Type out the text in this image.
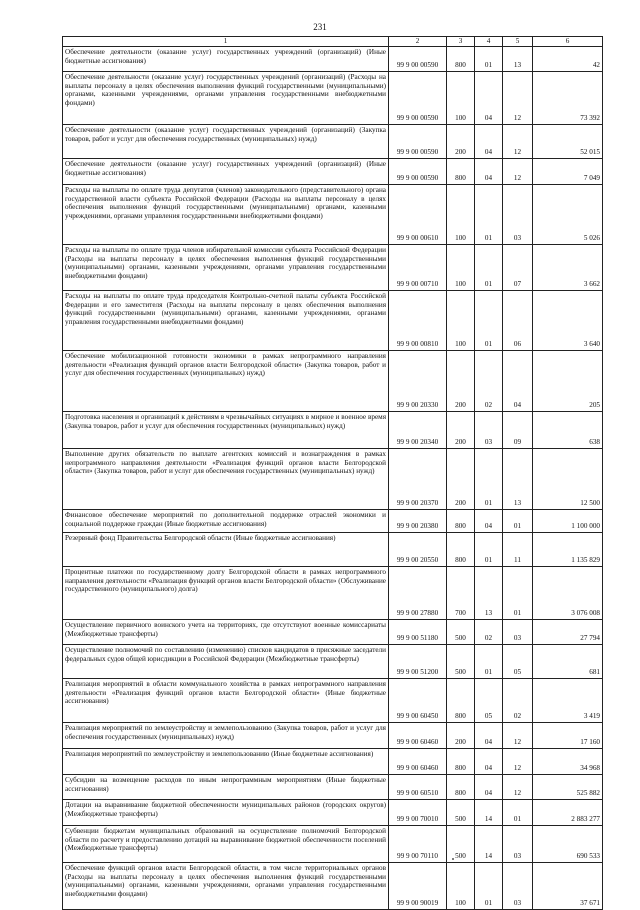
231
1	2	3	4	5	6
Обеспечение деятельности (оказание услуг) государственных учреждений (организаций) (Иные бюджетные ассигнования)	99 9 00 00590	800	01	13	42
Обеспечение деятельности (оказание услуг) государственных учреждений (организаций) (Расходы на выплаты персоналу в целях обеспечения выполнения функций государственными (муниципальными) органами, казенными учреждениями, органами управления государственными внебюджетными фондами)	99 9 00 00590	100	04	12	73 392
Обеспечение деятельности (оказание услуг) государственных учреждений (организаций) (Закупка товаров, работ и услуг для обеспечения государственных (муниципальных) нужд)	99 9 00 00590	200	04	12	52 015
Обеспечение деятельности (оказание услуг) государственных учреждений (организаций) (Иные бюджетные ассигнования)	99 9 00 00590	800	04	12	7 049
Расходы на выплаты по оплате труда депутатов (членов) законодательного (представительного) органа государственной власти субъекта Российской Федерации (Расходы на выплаты персоналу в целях обеспечения выполнения функций государственными (муниципальными) органами, казенными учреждениями, органами управления государственными внебюджетными фондами)	99 9 00 00610	100	01	03	5 026
Расходы на выплаты по оплате труда членов избирательной комиссии субъекта Российской Федерации (Расходы на выплаты персоналу в целях обеспечения выполнения функций государственными (муниципальными) органами, казенными учреждениями, органами управления государственными внебюджетными фондами)	99 9 00 00710	100	01	07	3 662
Расходы на выплаты по оплате труда председателя Контрольно-счетной палаты субъекта Российской Федерации и его заместителя (Расходы на выплаты персоналу в целях обеспечения выполнения функций государственными (муниципальными) органами, казенными учреждениями, органами управления государственными внебюджетными фондами)	99 9 00 00810	100	01	06	3 640
Обеспечение мобилизационной готовности экономики в рамках непрограммного направления деятельности «Реализация функций органов власти Белгородской области» (Закупка товаров, работ и услуг для обеспечения государственных (муниципальных) нужд)	99 9 00 20330	200	02	04	205
Подготовка населения и организаций к действиям в чрезвычайных ситуациях в мирное и военное время (Закупка товаров, работ и услуг для обеспечения государственных (муниципальных) нужд)	99 9 00 20340	200	03	09	638
Выполнение других обязательств по выплате агентских комиссий и вознаграждения в рамках непрограммного направления деятельности «Реализация функций органов власти Белгородской области» (Закупка товаров, работ и услуг для обеспечения государственных (муниципальных) нужд)	99 9 00 20370	200	01	13	12 500
Финансовое обеспечение мероприятий по дополнительной поддержке отраслей экономики и социальной поддержке граждан (Иные бюджетные ассигнования)	99 9 00 20380	800	04	01	1 100 000
Резервный фонд Правительства Белгородской области (Иные бюджетные ассигнования)	99 9 00 20550	800	01	11	1 135 829
Процентные платежи по государственному долгу Белгородской области в рамках непрограммного направления деятельности «Реализация функций органов власти Белгородской области» (Обслуживание государственного (муниципального) долга)	99 9 00 27880	700	13	01	3 076 008
Осуществление первичного воинского учета на территориях, где отсутствуют военные комиссариаты (Межбюджетные трансферты)	99 9 00 51180	500	02	03	27 794
Осуществление полномочий по составлению (изменению) списков кандидатов в присяжные заседатели федеральных судов общей юрисдикции в Российской Федерации (Межбюджетные трансферты)	99 9 00 51200	500	01	05	681
Реализация мероприятий в области коммунального хозяйства в рамках непрограммного направления деятельности «Реализация функций органов власти Белгородской области» (Иные бюджетные ассигнования)	99 9 00 60450	800	05	02	3 419
Реализация мероприятий по землеустройству и землепользованию (Закупка товаров, работ и услуг для обеспечения государственных (муниципальных) нужд)	99 9 00 60460	200	04	12	17 160
Реализация мероприятий по землеустройству и землепользованию (Иные бюджетные ассигнования)	99 9 00 60460	800	04	12	34 968
Субсидии на возмещение расходов по иным непрограммным мероприятиям (Иные бюджетные ассигнования)	99 9 00 60510	800	04	12	525 882
Дотации на выравнивание бюджетной обеспеченности муниципальных районов (городских округов) (Межбюджетные трансферты)	99 9 00 70010	500	14	01	2 883 277
Субвенции бюджетам муниципальных образований на осуществление полномочий Белгородской области по расчету и предоставлению дотаций на выравнивание бюджетной обеспеченности поселений (Межбюджетные трансферты)	99 9 00 70110	500	14	03	690 533
Обеспечение функций органов власти Белгородской области, в том числе территориальных органов (Расходы на выплаты персоналу в целях обеспечения выполнения функций государственными (муниципальными) органами, казенными учреждениями, органами управления государственными внебюджетными фондами)	99 9 00 90019	100	01	03	37 671
